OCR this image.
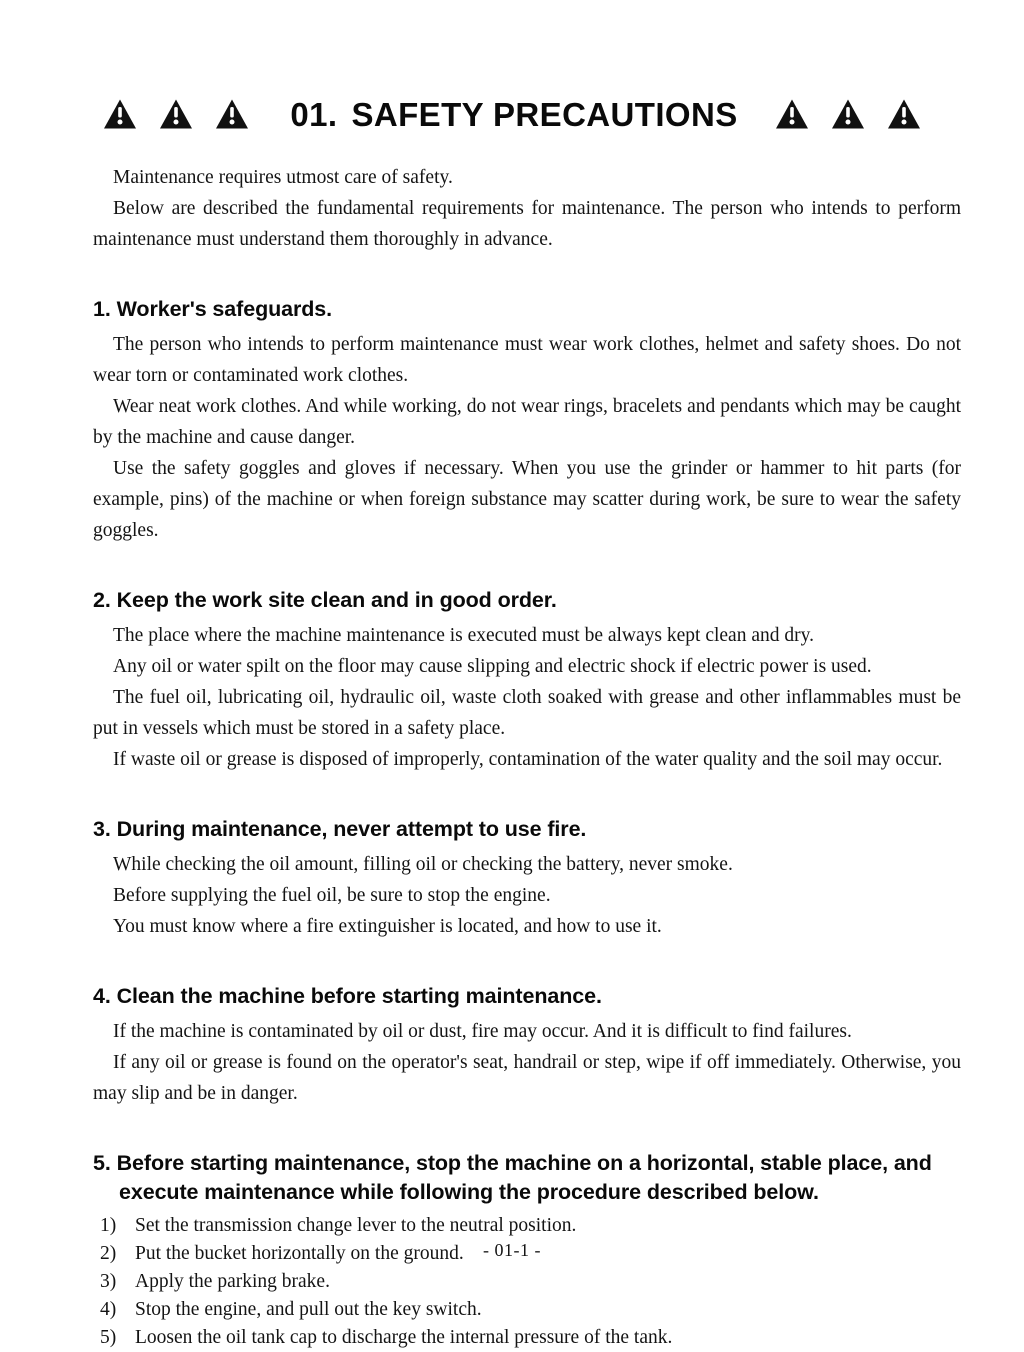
01. SAFETY PRECAUTIONS

Maintenance requires utmost care of safety.

Below are described the fundamental requirements for maintenance. The person who intends to perform maintenance must understand them thoroughly in advance.

1. Worker's safeguards.

The person who intends to perform maintenance must wear work clothes, helmet and safety shoes. Do not wear torn or contaminated work clothes.

Wear neat work clothes. And while working, do not wear rings, bracelets and pendants which may be caught by the machine and cause danger.

Use the safety goggles and gloves if necessary. When you use the grinder or hammer to hit parts (for example, pins) of the machine or when foreign substance may scatter during work, be sure to wear the safety goggles.

2. Keep the work site clean and in good order.

The place where the machine maintenance is executed must be always kept clean and dry.

Any oil or water spilt on the floor may cause slipping and electric shock if electric power is used.

The fuel oil, lubricating oil, hydraulic oil, waste cloth soaked with grease and other inflammables must be put in vessels which must be stored in a safety place.

If waste oil or grease is disposed of improperly, contamination of the water quality and the soil may occur.

3. During maintenance, never attempt to use fire.

While checking the oil amount, filling oil or checking the battery, never smoke.

Before supplying the fuel oil, be sure to stop the engine.

You must know where a fire extinguisher is located, and how to use it.

4. Clean the machine before starting maintenance.

If the machine is contaminated by oil or dust, fire may occur. And it is difficult to find failures.

If any oil or grease is found on the operator's seat, handrail or step, wipe if off immediately. Otherwise, you may slip and be in danger.

5. Before starting maintenance, stop the machine on a horizontal, stable place, and execute maintenance while following the procedure described below.
1) Set the transmission change lever to the neutral position.
2) Put the bucket horizontally on the ground.
3) Apply the parking brake.
4) Stop the engine, and pull out the key switch.
5) Loosen the oil tank cap to discharge the internal pressure of the tank.
- 01-1 -
